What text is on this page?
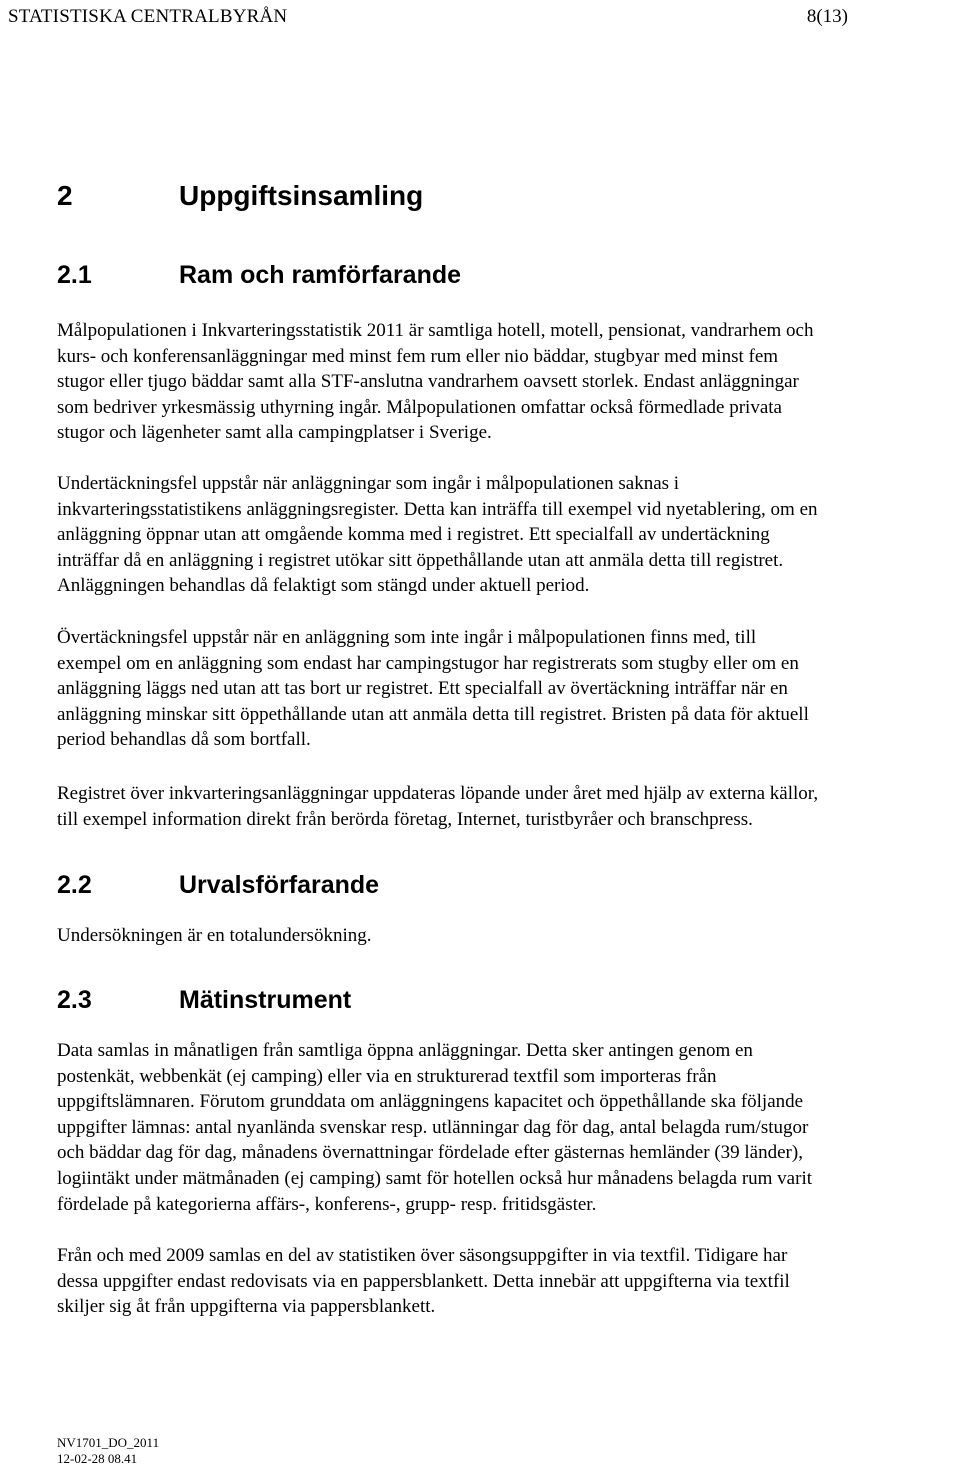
STATISTISKA CENTRALBYRÅN	8(13)
2	Uppgiftsinsamling
2.1	Ram och ramförfarande

Målpopulationen i Inkvarteringsstatistik 2011 är samtliga hotell, motell, pensionat, vandrarhem och
kurs- och konferensanläggningar med minst fem rum eller nio bäddar, stugbyar med minst fem
stugor eller tjugo bäddar samt alla STF-anslutna vandrarhem oavsett storlek. Endast anläggningar
som bedriver yrkesmässig uthyrning ingår. Målpopulationen omfattar också förmedlade privata
stugor och lägenheter samt alla campingplatser i Sverige.

Undertäckningsfel uppstår när anläggningar som ingår i målpopulationen saknas i
inkvarteringsstatistikens anläggningsregister. Detta kan inträffa till exempel vid nyetablering, om en
anläggning öppnar utan att omgående komma med i registret. Ett specialfall av undertäckning
inträffar då en anläggning i registret utökar sitt öppethållande utan att anmäla detta till registret.
Anläggningen behandlas då felaktigt som stängd under aktuell period.

Övertäckningsfel uppstår när en anläggning som inte ingår i målpopulationen finns med, till
exempel om en anläggning som endast har campingstugor har registrerats som stugby eller om en
anläggning läggs ned utan att tas bort ur registret. Ett specialfall av övertäckning inträffar när en
anläggning minskar sitt öppethållande utan att anmäla detta till registret. Bristen på data för aktuell
period behandlas då som bortfall.

Registret över inkvarteringsanläggningar uppdateras löpande under året med hjälp av externa källor,
till exempel information direkt från berörda företag, Internet, turistbyråer och branschpress.

2.2	Urvalsförfarande

Undersökningen är en totalundersökning.

2.3	Mätinstrument

Data samlas in månatligen från samtliga öppna anläggningar. Detta sker antingen genom en
postenkät, webbenkät (ej camping) eller via en strukturerad textfil som importeras från
uppgiftslämnaren. Förutom grunddata om anläggningens kapacitet och öppethållande ska följande
uppgifter lämnas: antal nyanlända svenskar resp. utlänningar dag för dag, antal belagda rum/stugor
och bäddar dag för dag, månadens övernattningar fördelade efter gästernas hemländer (39 länder),
logiintäkt under mätmånaden (ej camping) samt för hotellen också hur månadens belagda rum varit
fördelade på kategorierna affärs-, konferens-, grupp- resp. fritidsgäster.

Från och med 2009 samlas en del av statistiken över säsongsuppgifter in via textfil. Tidigare har
dessa uppgifter endast redovisats via en pappersblankett. Detta innebär att uppgifterna via textfil
skiljer sig åt från uppgifterna via pappersblankett.

NV1701_DO_2011
12-02-28 08.41
